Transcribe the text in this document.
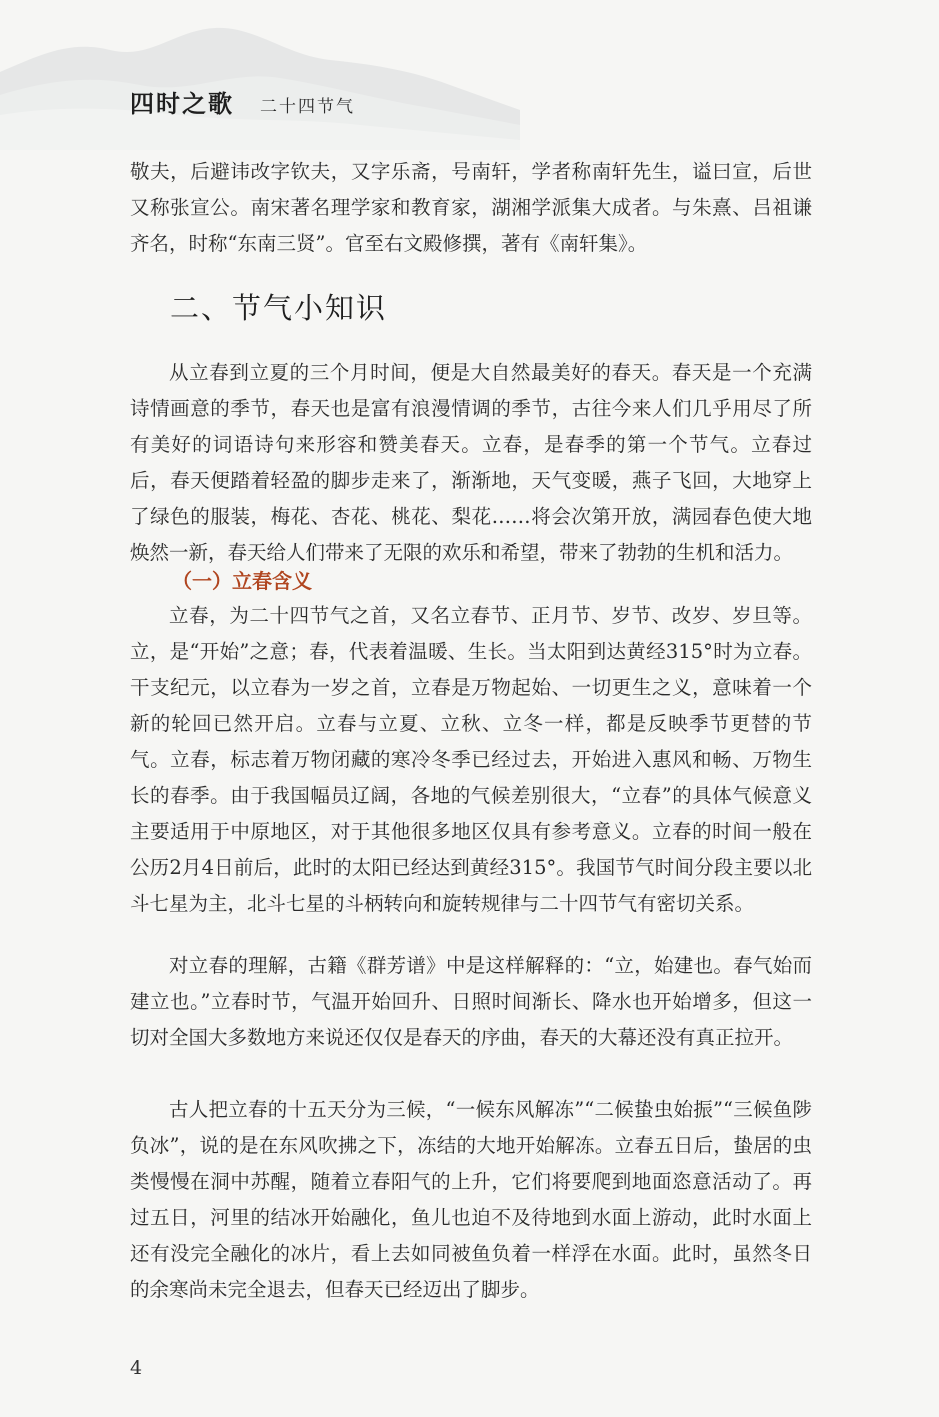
四时之歌 二十四节气

敬夫，后避讳改字钦夫，又字乐斋，号南轩，学者称南轩先生，谥曰宣，后世又称张宣公。南宋著名理学家和教育家，湖湘学派集大成者。与朱熹、吕祖谦齐名，时称“东南三贤”。官至右文殿修撰，著有《南轩集》。

二、节气小知识

从立春到立夏的三个月时间，便是大自然最美好的春天。春天是一个充满诗情画意的季节，春天也是富有浪漫情调的季节，古往今来人们几乎用尽了所有美好的词语诗句来形容和赞美春天。立春，是春季的第一个节气。立春过后，春天便踏着轻盈的脚步走来了，渐渐地，天气变暖，燕子飞回，大地穿上了绿色的服装，梅花、杏花、桃花、梨花……将会次第开放，满园春色使大地焕然一新，春天给人们带来了无限的欢乐和希望，带来了勃勃的生机和活力。

（一）立春含义

立春，为二十四节气之首，又名立春节、正月节、岁节、改岁、岁旦等。立，是“开始”之意；春，代表着温暖、生长。当太阳到达黄经315°时为立春。干支纪元，以立春为一岁之首，立春是万物起始、一切更生之义，意味着一个新的轮回已然开启。立春与立夏、立秋、立冬一样，都是反映季节更替的节气。立春，标志着万物闭藏的寒冷冬季已经过去，开始进入惠风和畅、万物生长的春季。由于我国幅员辽阔，各地的气候差别很大，“立春”的具体气候意义主要适用于中原地区，对于其他很多地区仅具有参考意义。立春的时间一般在公历2月4日前后，此时的太阳已经达到黄经315°。我国节气时间分段主要以北斗七星为主，北斗七星的斗柄转向和旋转规律与二十四节气有密切关系。

对立春的理解，古籍《群芳谱》中是这样解释的：“立，始建也。春气始而建立也。”立春时节，气温开始回升、日照时间渐长、降水也开始增多，但这一切对全国大多数地方来说还仅仅是春天的序曲，春天的大幕还没有真正拉开。

古人把立春的十五天分为三候，“一候东风解冻”“二候蛰虫始振”“三候鱼陟负冰”，说的是在东风吹拂之下，冻结的大地开始解冻。立春五日后，蛰居的虫类慢慢在洞中苏醒，随着立春阳气的上升，它们将要爬到地面恣意活动了。再过五日，河里的结冰开始融化，鱼儿也迫不及待地到水面上游动，此时水面上还有没完全融化的冰片，看上去如同被鱼负着一样浮在水面。此时，虽然冬日的余寒尚未完全退去，但春天已经迈出了脚步。

4
